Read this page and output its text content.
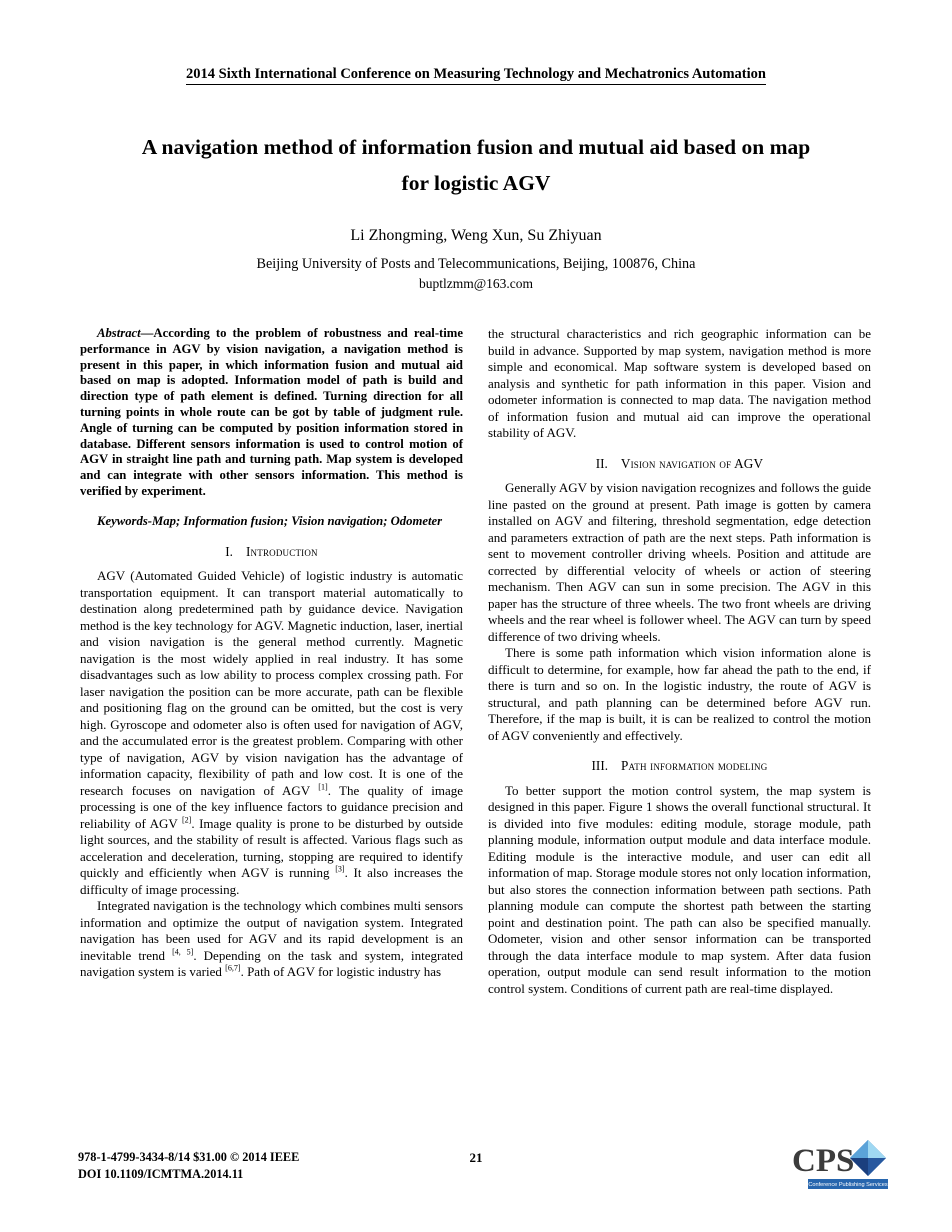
2014 Sixth International Conference on Measuring Technology and Mechatronics Automation
A navigation method of information fusion and mutual aid based on map
for logistic AGV
Li Zhongming, Weng Xun, Su Zhiyuan
Beijing University of Posts and Telecommunications, Beijing, 100876, China
buptlzmm@163.com

Abstract—According to the problem of robustness and real-time performance in AGV by vision navigation, a navigation method is present in this paper, in which information fusion and mutual aid based on map is adopted. Information model of path is build and direction type of path element is defined. Turning direction for all turning points in whole route can be got by table of judgment rule. Angle of turning can be computed by position information stored in database. Different sensors information is used to control motion of AGV in straight line path and turning path. Map system is developed and can integrate with other sensors information. This method is verified by experiment.

Keywords-Map; Information fusion; Vision navigation; Odometer

I. Introduction

AGV (Automated Guided Vehicle) of logistic industry is automatic transportation equipment. It can transport material automatically to destination along predetermined path by guidance device. Navigation method is the key technology for AGV. Magnetic induction, laser, inertial and vision navigation is the general method currently. Magnetic navigation is the most widely applied in real industry. It has some disadvantages such as low ability to process complex crossing path. For laser navigation the position can be more accurate, path can be flexible and positioning flag on the ground can be omitted, but the cost is very high. Gyroscope and odometer also is often used for navigation of AGV, and the accumulated error is the greatest problem. Comparing with other type of navigation, AGV by vision navigation has the advantage of information capacity, flexibility of path and low cost. It is one of the research focuses on navigation of AGV [1]. The quality of image processing is one of the key influence factors to guidance precision and reliability of AGV [2]. Image quality is prone to be disturbed by outside light sources, and the stability of result is affected. Various flags such as acceleration and deceleration, turning, stopping are required to identify quickly and efficiently when AGV is running [3]. It also increases the difficulty of image processing.

Integrated navigation is the technology which combines multi sensors information and optimize the output of navigation system. Integrated navigation has been used for AGV and its rapid development is an inevitable trend [4, 5]. Depending on the task and system, integrated navigation system is varied [6,7]. Path of AGV for logistic industry has

the structural characteristics and rich geographic information can be build in advance. Supported by map system, navigation method is more simple and economical. Map software system is developed based on analysis and synthetic for path information in this paper. Vision and odometer information is connected to map data. The navigation method of information fusion and mutual aid can improve the operational stability of AGV.

II. Vision navigation of AGV

Generally AGV by vision navigation recognizes and follows the guide line pasted on the ground at present. Path image is gotten by camera installed on AGV and filtering, threshold segmentation, edge detection and parameters extraction of path are the next steps. Path information is sent to movement controller driving wheels. Position and attitude are corrected by differential velocity of wheels or action of steering mechanism. Then AGV can sun in some precision. The AGV in this paper has the structure of three wheels. The two front wheels are driving wheels and the rear wheel is follower wheel. The AGV can turn by speed difference of two driving wheels.

There is some path information which vision information alone is difficult to determine, for example, how far ahead the path to the end, if there is turn and so on. In the logistic industry, the route of AGV is structural, and path planning can be determined before AGV run. Therefore, if the map is built, it is can be realized to control the motion of AGV conveniently and effectively.

III. Path information modeling

To better support the motion control system, the map system is designed in this paper. Figure 1 shows the overall functional structural. It is divided into five modules: editing module, storage module, path planning module, information output module and data interface module. Editing module is the interactive module, and user can edit all information of map. Storage module stores not only location information, but also stores the connection information between path sections. Path planning module can compute the shortest path between the starting point and destination point. The path can also be specified manually. Odometer, vision and other sensor information can be transported through the data interface module to map system. After data fusion operation, output module can send result information to the motion control system. Conditions of current path are real-time displayed.

978-1-4799-3434-8/14 $31.00 © 2014 IEEE
DOI 10.1109/ICMTMA.2014.11
21	CPS
Conference Publishing Services
